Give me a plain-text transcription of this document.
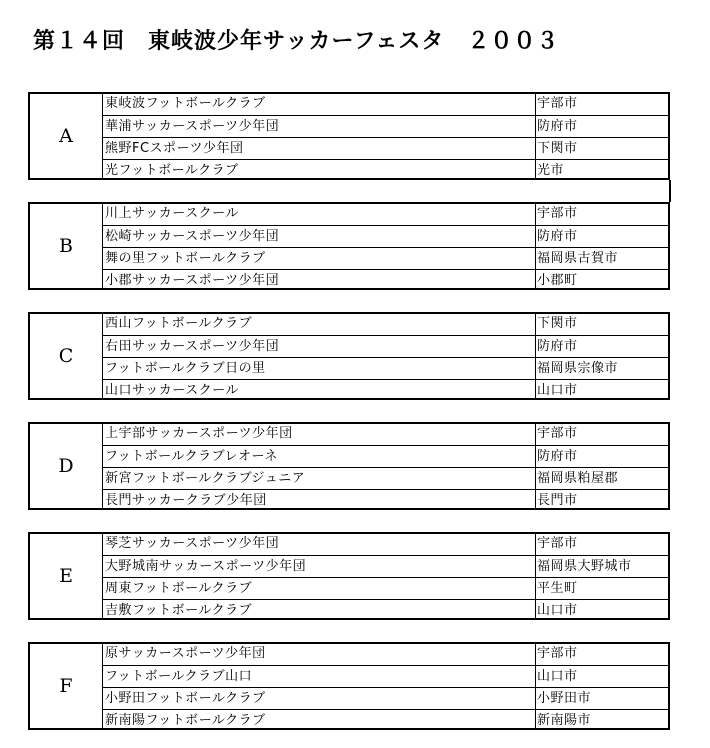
第１４回　東岐波少年サッカーフェスタ　２００３
A
東岐波フットボールクラブ	宇部市
華浦サッカースポーツ少年団	防府市
熊野FCスポーツ少年団	下関市
光フットボールクラブ	光市
B
川上サッカースクール	宇部市
松崎サッカースポーツ少年団	防府市
舞の里フットボールクラブ	福岡県古賀市
小郡サッカースポーツ少年団	小郡町
C
西山フットボールクラブ	下関市
右田サッカースポーツ少年団	防府市
フットボールクラブ日の里	福岡県宗像市
山口サッカースクール	山口市
D
上宇部サッカースポーツ少年団	宇部市
フットボールクラブレオーネ	防府市
新宮フットボールクラブジュニア	福岡県粕屋郡
長門サッカークラブ少年団	長門市
E
琴芝サッカースポーツ少年団	宇部市
大野城南サッカースポーツ少年団	福岡県大野城市
周東フットボールクラブ	平生町
吉敷フットボールクラブ	山口市
F
原サッカースポーツ少年団	宇部市
フットボールクラブ山口	山口市
小野田フットボールクラブ	小野田市
新南陽フットボールクラブ	新南陽市
